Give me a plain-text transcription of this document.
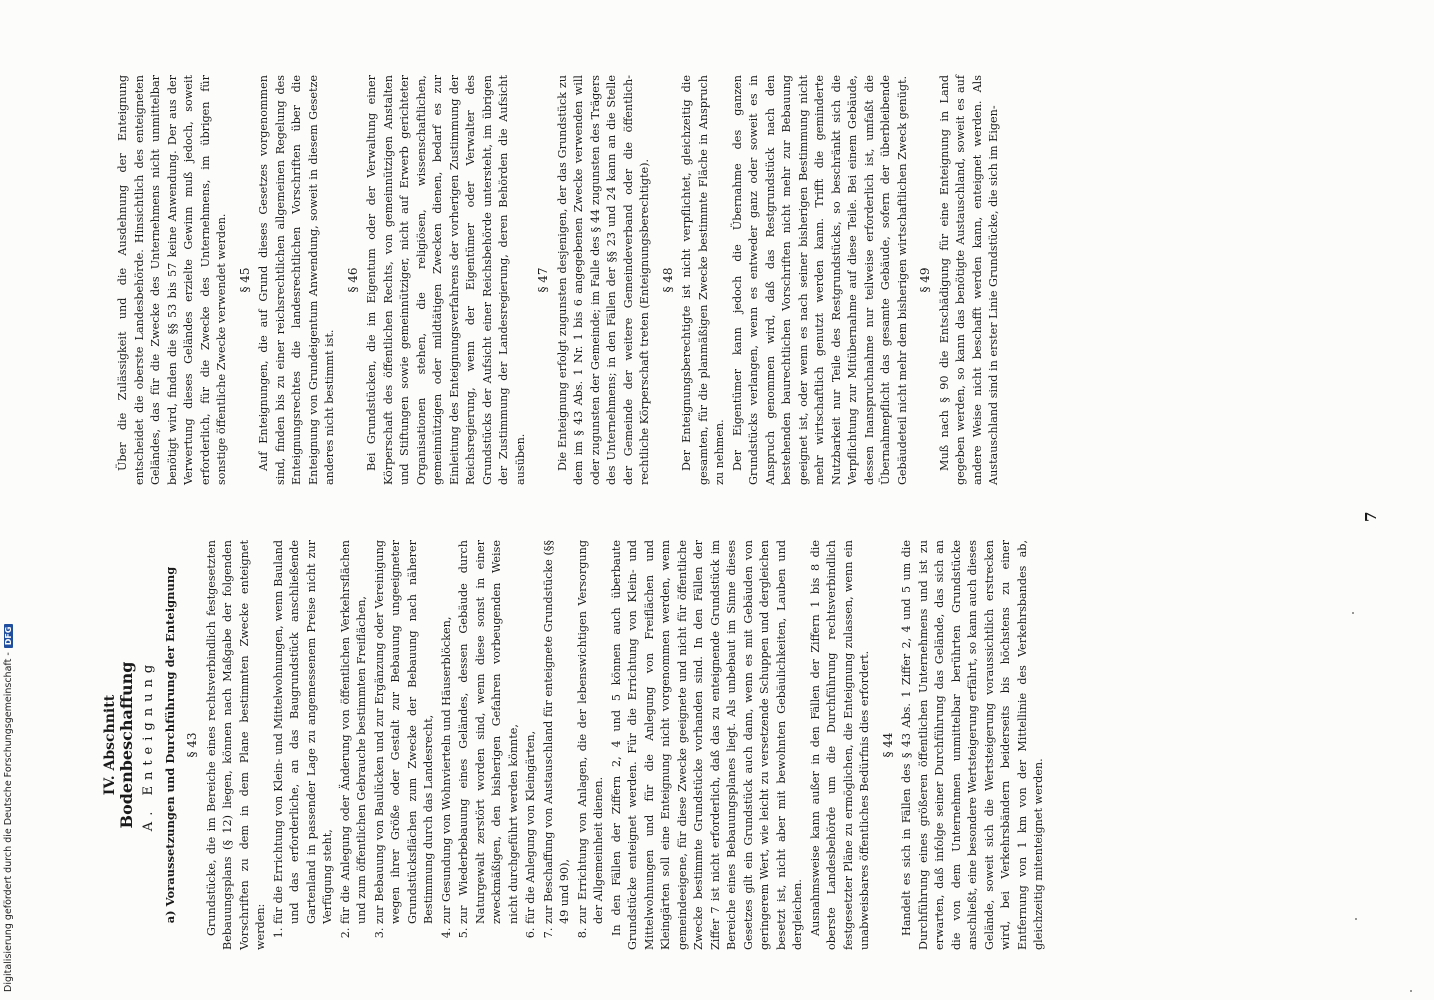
Digitalisierung gefördert durch die Deutsche Forschungsgemeinschaft -DFG
7
IV. Abschnitt
Bodenbeschaffung A. Enteignung a) Voraussetzungen und Durchführung der Enteignung § 43 Grundstücke, die im Bereiche eines rechtsverbindlich festgesetzten Bebauungsplans (§ 12) liegen, können nach Maßgabe der folgenden Vorschriften zu dem in dem Plane bestimmten Zwecke enteignet werden:

1. für die Errichtung von Klein- und Mittelwohnungen, wenn Bauland und das erforderliche, an das Baugrundstück anschließende Gartenland in passender Lage zu angemessenem Preise nicht zur Verfügung steht, 2. für die Anlegung oder Änderung von öffentlichen Verkehrsflächen und zum öffentlichen Gebrauche bestimmten Freiflächen, 3. zur Bebauung von Baulücken und zur Ergänzung oder Vereinigung wegen ihrer Größe oder Gestalt zur Bebauung ungeeigneter Grundstücksflächen zum Zwecke der Bebauung nach näherer Bestimmung durch das Landesrecht, 4. zur Gesundung von Wohnvierteln und Häuserblöcken, 5. zur Wiederbebauung eines Geländes, dessen Gebäude durch Naturgewalt zerstört worden sind, wenn diese sonst in einer zweckmäßigen, den bisherigen Gefahren vorbeugenden Weise nicht durchgeführt werden könnte, 6. für die Anlegung von Kleingärten, 7. zur Beschaffung von Austauschland für enteignete Grundstücke (§§ 49 und 90), 8. zur Errichtung von Anlagen, die der lebenswichtigen Versorgung der Allgemeinheit dienen. In den Fällen der Ziffern 2, 4 und 5 können auch überbaute Grundstücke enteignet werden. Für die Errichtung von Klein- und Mittelwohnungen und für die Anlegung von Freiflächen und Kleingärten soll eine Enteignung nicht vorgenommen werden, wenn gemeindeeigene, für diese Zwecke geeignete und nicht für öffentliche Zwecke bestimmte Grundstücke vorhanden sind. In den Fällen der Ziffer 7 ist nicht erforderlich, daß das zu enteignende Grundstück im Bereiche eines Bebauungsplanes liegt. Als unbebaut im Sinne dieses Gesetzes gilt ein Grundstück auch dann, wenn es mit Gebäuden von geringerem Wert, wie leicht zu versetzende Schuppen und dergleichen besetzt ist, nicht aber mit bewohnten Gebäulichkeiten, Lauben und dergleichen. Ausnahmsweise kann außer in den Fällen der Ziffern 1 bis 8 die oberste Landesbehörde um die Durchführung rechtsverbindlich festgesetzter Pläne zu ermöglichen, die Enteignung zulassen, wenn ein unabweisbares öffentliches Bedürfnis dies erfordert. § 44 Handelt es sich in Fällen des § 43 Abs. 1 Ziffer 2, 4 und 5 um die Durchführung eines größeren öffentlichen Unternehmens und ist zu erwarten, daß infolge seiner Durchführung das Gelände, das sich an die von dem Unternehmen unmittelbar berührten Grundstücke anschließt, eine besondere Wertsteigerung erfährt, so kann auch dieses Gelände, soweit sich die Wertsteigerung voraussichtlich erstrecken wird, bei Verkehrsbändern beiderseits bis höchstens zu einer Entfernung von 1 km von der Mittellinie des Verkehrsbandes ab, gleichzeitig mitenteignet werden.

Über die Zulässigkeit und die Ausdehnung der Enteignung entscheidet die oberste Landesbehörde. Hinsichtlich des enteigneten Geländes, das für die Zwecke des Unternehmens nicht unmittelbar benötigt wird, finden die §§ 53 bis 57 keine Anwendung. Der aus der Verwertung dieses Geländes erzielte Gewinn muß jedoch, soweit erforderlich, für die Zwecke des Unternehmens, im übrigen für sonstige öffentliche Zwecke verwendet werden. § 45 Auf Enteignungen, die auf Grund dieses Gesetzes vorgenommen sind, finden bis zu einer reichsrechtlichen allgemeinen Regelung des Enteignungsrechtes die landesrechtlichen Vorschriften über die Enteignung von Grundeigentum Anwendung, soweit in diesem Gesetze anderes nicht bestimmt ist.

§ 46 Bei Grundstücken, die im Eigentum oder der Verwaltung einer Körperschaft des öffentlichen Rechts, von gemeinnützigen Anstalten und Stiftungen sowie gemeinnütziger, nicht auf Erwerb gerichteter Organisationen stehen, die religiösen, wissenschaftlichen, gemeinnützigen oder mildtätigen Zwecken dienen, bedarf es zur Einleitung des Enteignungsverfahrens der vorherigen Zustimmung der Reichsregierung, wenn der Eigentümer oder Verwalter des Grundstücks der Aufsicht einer Reichsbehörde untersteht, im übrigen der Zustimmung der Landesregierung, deren Behörden die Aufsicht ausüben.

§ 47 Die Enteignung erfolgt zugunsten desjenigen, der das Grundstück zu dem im § 43 Abs. 1 Nr. 1 bis 6 angegebenen Zwecke verwenden will oder zugunsten der Gemeinde; im Falle des § 44 zugunsten des Trägers des Unternehmens; in den Fällen der §§ 23 und 24 kann an die Stelle der Gemeinde der weitere Gemeindeverband oder die öffentlich-rechtliche Körperschaft treten (Enteignungsberechtigte). § 48 Der Enteignungsberechtigte ist nicht verpflichtet, gleichzeitig die gesamten, für die planmäßigen Zwecke bestimmte Fläche in Anspruch zu nehmen. Der Eigentümer kann jedoch die Übernahme des ganzen Grundstücks verlangen, wenn es entweder ganz oder soweit es in Anspruch genommen wird, daß das Restgrundstück nach den bestehenden baurechtlichen Vorschriften nicht mehr zur Bebauung geeignet ist, oder wenn es nach seiner bisherigen Bestimmung nicht mehr wirtschaftlich genutzt werden kann. Trifft die geminderte Nutzbarkeit nur Teile des Restgrundstücks, so beschränkt sich die Verpflichtung zur Mitübernahme auf diese Teile. Bei einem Gebäude, dessen Inanspruchnahme nur teilweise erforderlich ist, umfaßt die Übernahmepflicht das gesamte Gebäude, sofern der überbleibende Gebäudeteil nicht mehr dem bisherigen wirtschaftlichen Zweck genügt. § 49 Muß nach § 90 die Entschädigung für eine Enteignung in Land gegeben werden, so kann das benötigte Austauschland, soweit es auf andere Weise nicht beschafft werden kann, enteignet werden. Als Austauschland sind in erster Linie Grundstücke, die sich im Eigen-
